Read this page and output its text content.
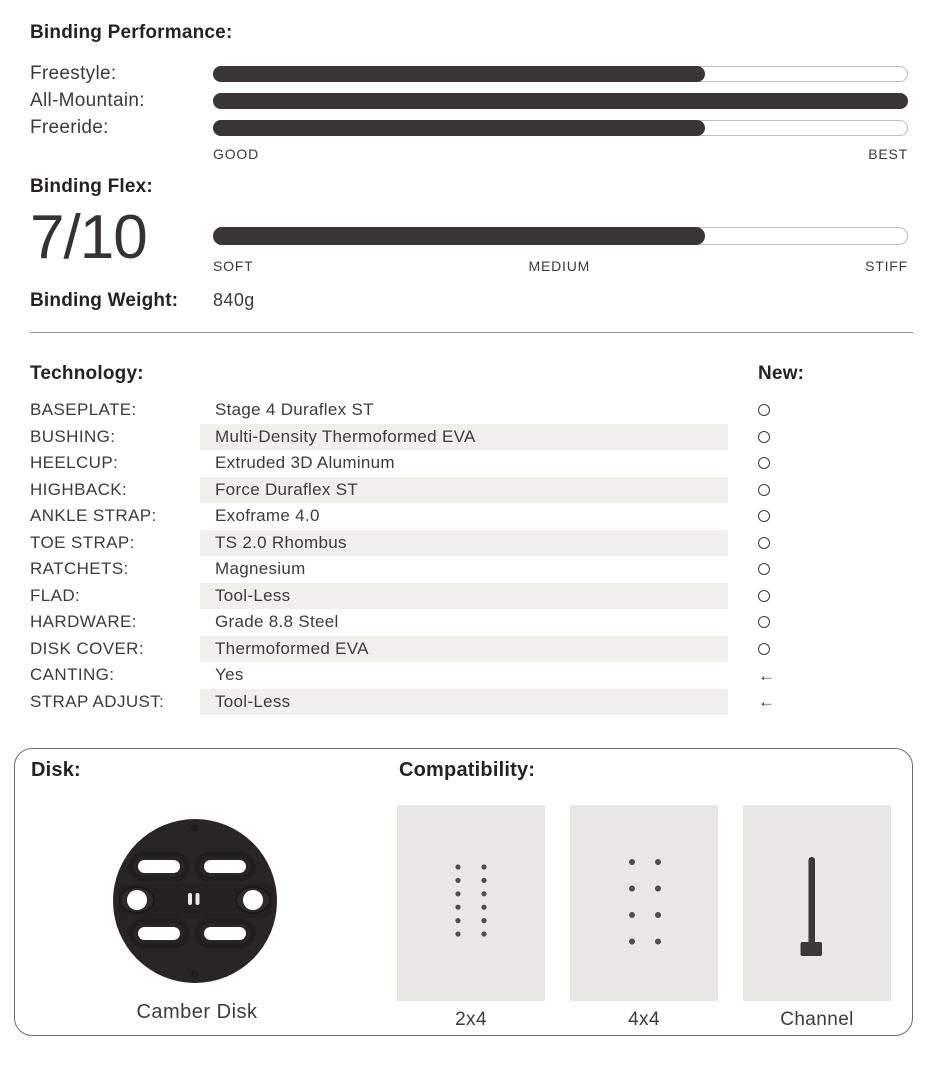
Binding Performance:
Freestyle:
All-Mountain:
Freeride:
GOOD	BEST
Binding Flex:
7/10	SOFT	MEDIUM	STIFF
Binding Weight:	840g
Technology:	New:
BASEPLATE:	Stage 4 Duraflex ST
BUSHING:	Multi-Density Thermoformed EVA
HEELCUP:	Extruded 3D Aluminum
HIGHBACK:	Force Duraflex ST
ANKLE STRAP:	Exoframe 4.0
TOE STRAP:	TS 2.0 Rhombus
RATCHETS:	Magnesium
FLAD:	Tool-Less
HARDWARE:	Grade 8.8 Steel
DISK COVER:	Thermoformed EVA
CANTING:	Yes	←
STRAP ADJUST:	Tool-Less	←
Disk:	Compatibility:
Camber Disk	2x4	4x4	Channel
